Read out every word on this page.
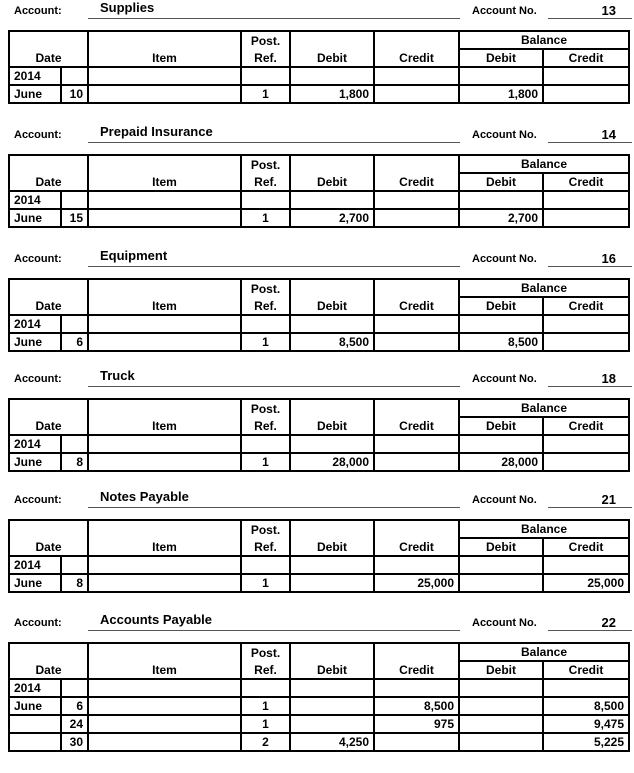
Account:	Supplies	Account No.	13
Date		Item	Post.	Debit	Credit	Balance	
			Ref.			Debit	Credit
2014							
June	10		1	1,800		1,800	
Account:	Prepaid Insurance	Account No.	14
Date		Item	Post.	Debit	Credit	Balance	
			Ref.			Debit	Credit
2014							
June	15		1	2,700		2,700	
Account:	Equipment	Account No.	16
Date		Item	Post.	Debit	Credit	Balance	
			Ref.			Debit	Credit
2014							
June	6		1	8,500		8,500	
Account:	Truck	Account No.	18
Date		Item	Post.	Debit	Credit	Balance	
			Ref.			Debit	Credit
2014							
June	8		1	28,000		28,000	
Account:	Notes Payable	Account No.	21
Date		Item	Post.	Debit	Credit	Balance	
			Ref.			Debit	Credit
2014							
June	8		1		25,000		25,000
Account:	Accounts Payable	Account No.	22
Date		Item	Post.	Debit	Credit	Balance	
			Ref.			Debit	Credit
2014							
June	6		1		8,500		8,500
	24		1		975		9,475
	30		2	4,250			5,225
